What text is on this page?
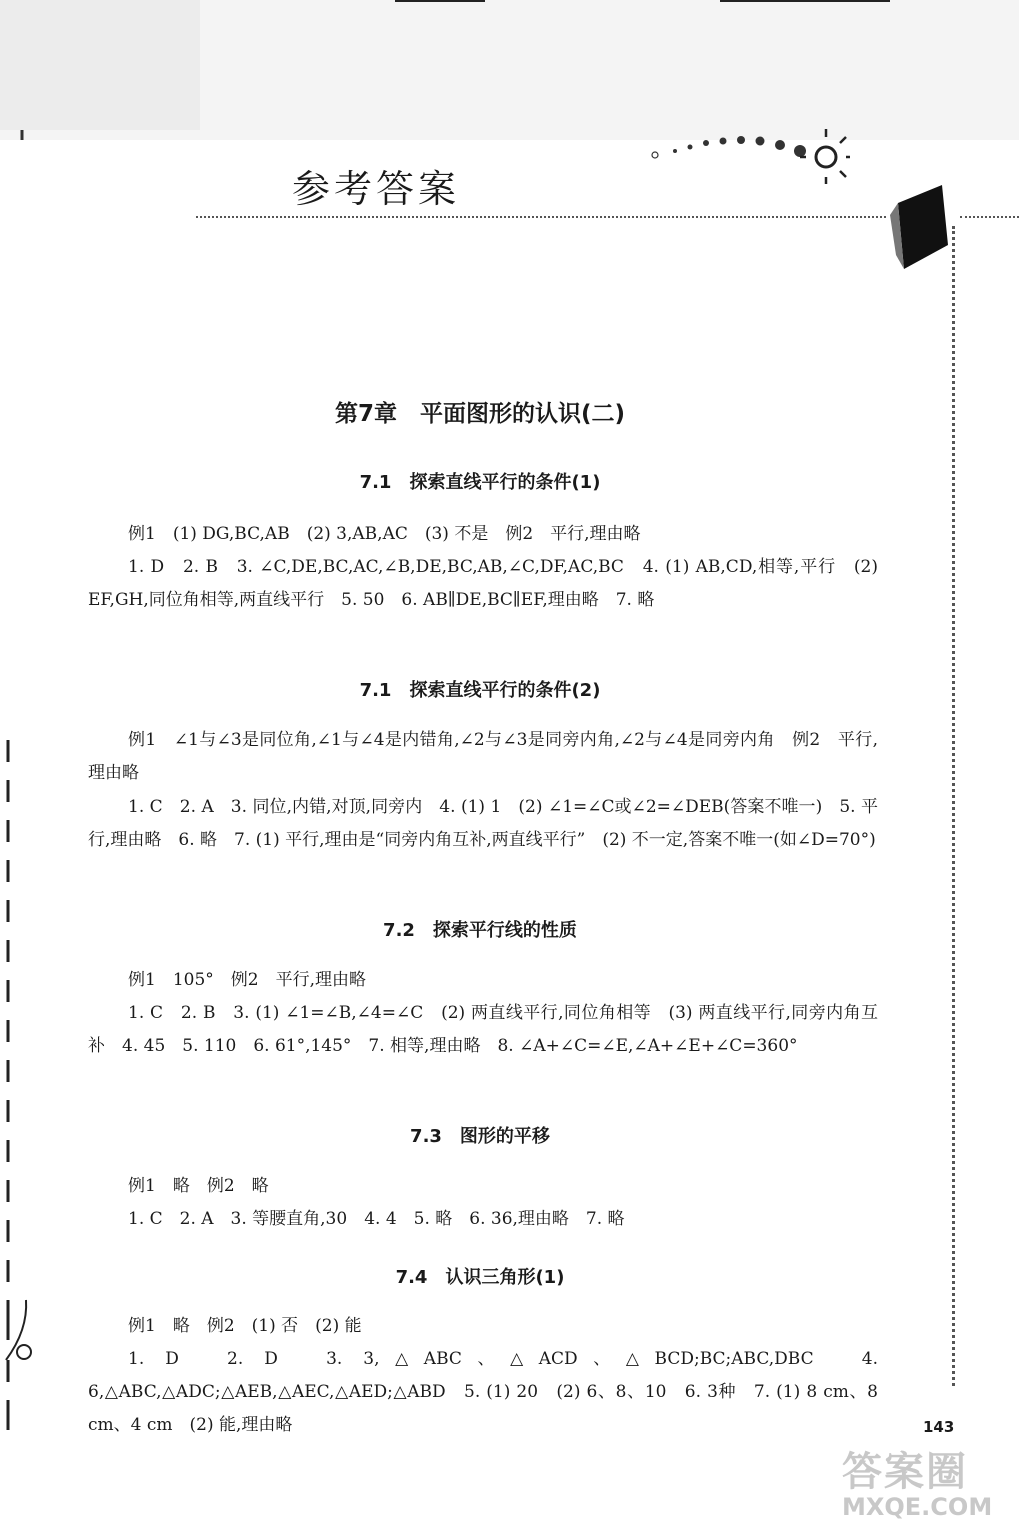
参考答案
第7章　平面图形的认识(二)
7.1　探索直线平行的条件(1)

例1　(1) DG,BC,AB　(2) 3,AB,AC　(3) 不是　例2　平行,理由略

1. D　2. B　3. ∠C,DE,BC,AC,∠B,DE,BC,AB,∠C,DF,AC,BC　4. (1) AB,CD,相等,平行　(2) EF,GH,同位角相等,两直线平行　5. 50　6. AB∥DE,BC∥EF,理由略　7. 略

7.1　探索直线平行的条件(2)

例1　∠1与∠3是同位角,∠1与∠4是内错角,∠2与∠3是同旁内角,∠2与∠4是同旁内角　例2　平行,理由略

1. C　2. A　3. 同位,内错,对顶,同旁内　4. (1) 1　(2) ∠1=∠C或∠2=∠DEB(答案不唯一)　5. 平行,理由略　6. 略　7. (1) 平行,理由是“同旁内角互补,两直线平行”　(2) 不一定,答案不唯一(如∠D=70°)

7.2　探索平行线的性质

例1　105°　例2　平行,理由略

1. C　2. B　3. (1) ∠1=∠B,∠4=∠C　(2) 两直线平行,同位角相等　(3) 两直线平行,同旁内角互补　4. 45　5. 110　6. 61°,145°　7. 相等,理由略　8. ∠A+∠C=∠E,∠A+∠E+∠C=360°

7.3　图形的平移

例1　略　例2　略

1. C　2. A　3. 等腰直角,30　4. 4　5. 略　6. 36,理由略　7. 略

7.4　认识三角形(1)

例1　略　例2　(1) 否　(2) 能

1. D　2. D　3. 3,△ABC、△ACD、△BCD;BC;ABC,DBC　4. 6,△ABC,△ADC;△AEB,△AEC,△AED;△ABD　5. (1) 20　(2) 6、8、10　6. 3种　7. (1) 8 cm、8 cm、4 cm　(2) 能,理由略	143
答案圈
MXQE.COM
